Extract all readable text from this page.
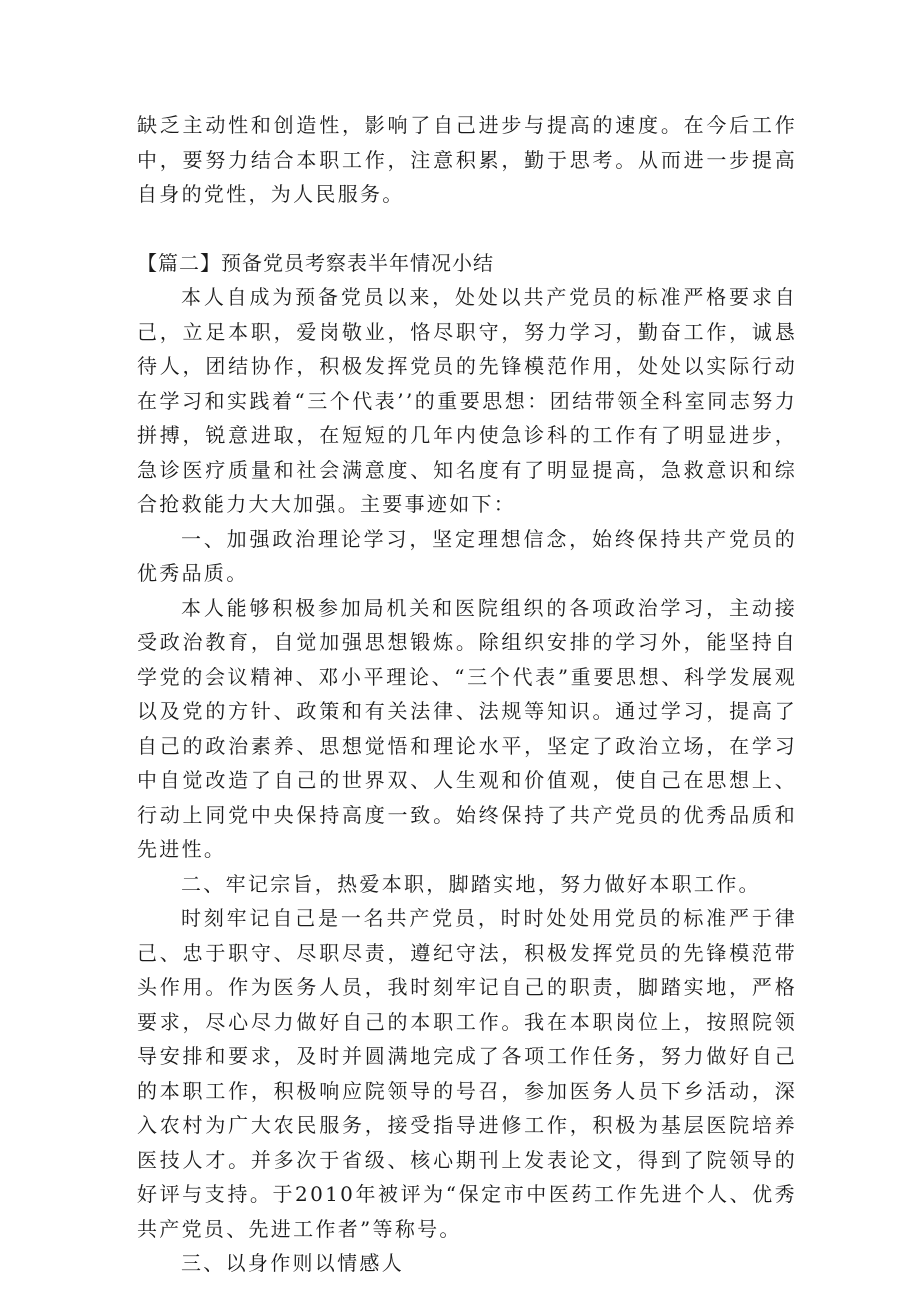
缺乏主动性和创造性，影响了自己进步与提高的速度。在今后工作中，要努力结合本职工作，注意积累，勤于思考。从而进一步提高自身的党性，为人民服务。

【篇二】预备党员考察表半年情况小结

本人自成为预备党员以来，处处以共产党员的标准严格要求自己，立足本职，爱岗敬业，恪尽职守，努力学习，勤奋工作，诚恳待人，团结协作，积极发挥党员的先锋模范作用，处处以实际行动在学习和实践着“三个代表’’的重要思想：团结带领全科室同志努力拼搏，锐意进取，在短短的几年内使急诊科的工作有了明显进步，急诊医疗质量和社会满意度、知名度有了明显提高，急救意识和综合抢救能力大大加强。主要事迹如下：

一、加强政治理论学习，坚定理想信念，始终保持共产党员的优秀品质。

本人能够积极参加局机关和医院组织的各项政治学习，主动接受政治教育，自觉加强思想锻炼。除组织安排的学习外，能坚持自学党的会议精神、邓小平理论、“三个代表”重要思想、科学发展观以及党的方针、政策和有关法律、法规等知识。通过学习，提高了自己的政治素养、思想觉悟和理论水平，坚定了政治立场，在学习中自觉改造了自己的世界双、人生观和价值观，使自己在思想上、行动上同党中央保持高度一致。始终保持了共产党员的优秀品质和先进性。

二、牢记宗旨，热爱本职，脚踏实地，努力做好本职工作。

时刻牢记自己是一名共产党员，时时处处用党员的标准严于律己、忠于职守、尽职尽责，遵纪守法，积极发挥党员的先锋模范带头作用。作为医务人员，我时刻牢记自己的职责，脚踏实地，严格要求，尽心尽力做好自己的本职工作。我在本职岗位上，按照院领导安排和要求，及时并圆满地完成了各项工作任务，努力做好自己的本职工作，积极响应院领导的号召，参加医务人员下乡活动，深入农村为广大农民服务，接受指导进修工作，积极为基层医院培养医技人才。并多次于省级、核心期刊上发表论文，得到了院领导的好评与支持。于2010年被评为“保定市中医药工作先进个人、优秀共产党员、先进工作者”等称号。

三、以身作则以情感人
